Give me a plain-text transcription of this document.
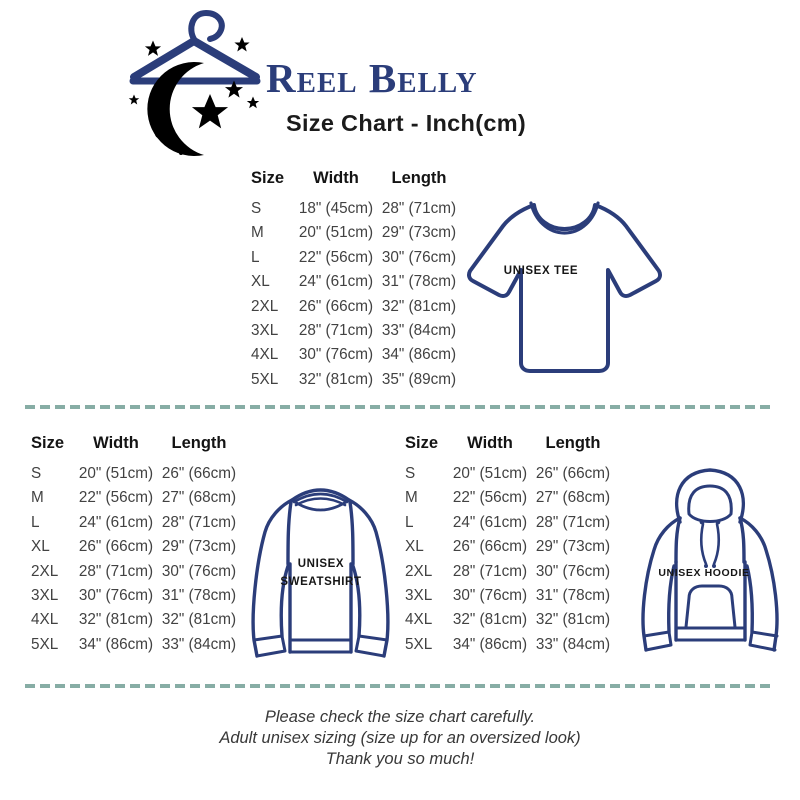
Reel Belly
Size Chart - Inch(cm)
Size	Width	Length
S	18" (45cm) 28" (71cm)
M	20" (51cm) 29" (73cm)
L	22" (56cm) 30" (76cm)
XL	24" (61cm) 31" (78cm)
2XL	26" (66cm) 32" (81cm)
3XL	28" (71cm) 33" (84cm)
4XL	30" (76cm) 34" (86cm)
5XL	32" (81cm) 35" (89cm)
UNISEX TEE
Size	Width	Length
S	20" (51cm) 26" (66cm)
M	22" (56cm) 27" (68cm)
L	24" (61cm) 28" (71cm)
XL	26" (66cm) 29" (73cm)
2XL	28" (71cm) 30" (76cm)
3XL	30" (76cm) 31" (78cm)
4XL	32" (81cm) 32" (81cm)
5XL	34" (86cm) 33" (84cm)
UNISEX
SWEATSHIRT
Size	Width	Length
S	20" (51cm) 26" (66cm)
M	22" (56cm) 27" (68cm)
L	24" (61cm) 28" (71cm)
XL	26" (66cm) 29" (73cm)
2XL	28" (71cm) 30" (76cm)
3XL	30" (76cm) 31" (78cm)
4XL	32" (81cm) 32" (81cm)
5XL	34" (86cm) 33" (84cm)
UNISEX HOODIE
Please check the size chart carefully.
Adult unisex sizing (size up for an oversized look)
Thank you so much!
